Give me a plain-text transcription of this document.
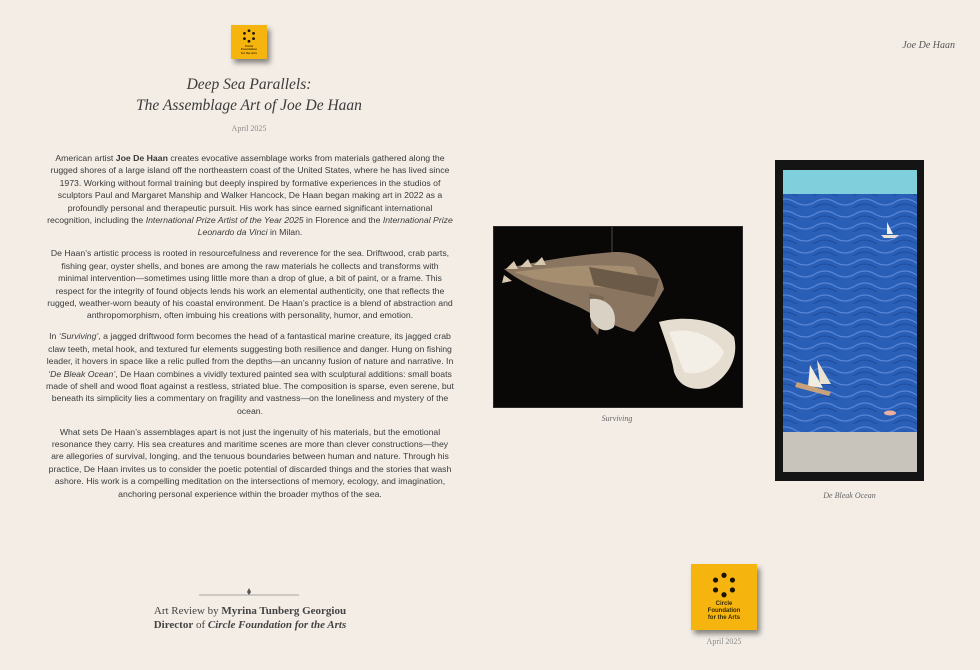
Circle
Foundation
for the Arts
Joe De Haan
Deep Sea Parallels:
The Assemblage Art of Joe De Haan
April 2025

American artist Joe De Haan creates evocative assemblage works from materials gathered along the rugged shores of a large island off the northeastern coast of the United States, where he has lived since 1973. Working without formal training but deeply inspired by formative experiences in the studios of sculptors Paul and Margaret Manship and Walker Hancock, De Haan began making art in 2022 as a profoundly personal and therapeutic pursuit. His work has since earned significant international recognition, including the International Prize Artist of the Year 2025 in Florence and the International Prize Leonardo da Vinci in Milan.

De Haan’s artistic process is rooted in resourcefulness and reverence for the sea. Driftwood, crab parts, fishing gear, oyster shells, and bones are among the raw materials he collects and transforms with minimal intervention—sometimes using little more than a drop of glue, a bit of paint, or a frame. This respect for the integrity of found objects lends his work an elemental authenticity, one that reflects the rugged, weather-worn beauty of his coastal environment. De Haan’s practice is a blend of abstraction and anthropomorphism, often imbuing his creations with personality, humor, and emotion.

In ‘Surviving’, a jagged driftwood form becomes the head of a fantastical marine creature, its jagged crab claw teeth, metal hook, and textured fur elements suggesting both resilience and danger. Hung on fishing leader, it hovers in space like a relic pulled from the depths—an uncanny fusion of nature and narrative. In ‘De Bleak Ocean’, De Haan combines a vividly textured painted sea with sculptural additions: small boats made of shell and wood float against a restless, striated blue. The composition is sparse, even serene, but beneath its simplicity lies a commentary on fragility and vastness—on the loneliness and mystery of the ocean.

What sets De Haan’s assemblages apart is not just the ingenuity of his materials, but the emotional resonance they carry. His sea creatures and maritime scenes are more than clever constructions—they are allegories of survival, longing, and the tenuous boundaries between human and nature. Through his practice, De Haan invites us to consider the poetic potential of discarded things and the stories that wash ashore. His work is a compelling meditation on the intersections of memory, ecology, and imagination, anchoring personal experience within the broader mythos of the sea.

Art Review by Myrina Tunberg Georgiou
Director of Circle Foundation for the Arts
Surviving
De Bleak Ocean
Circle
Foundation
for the Arts
April 2025
